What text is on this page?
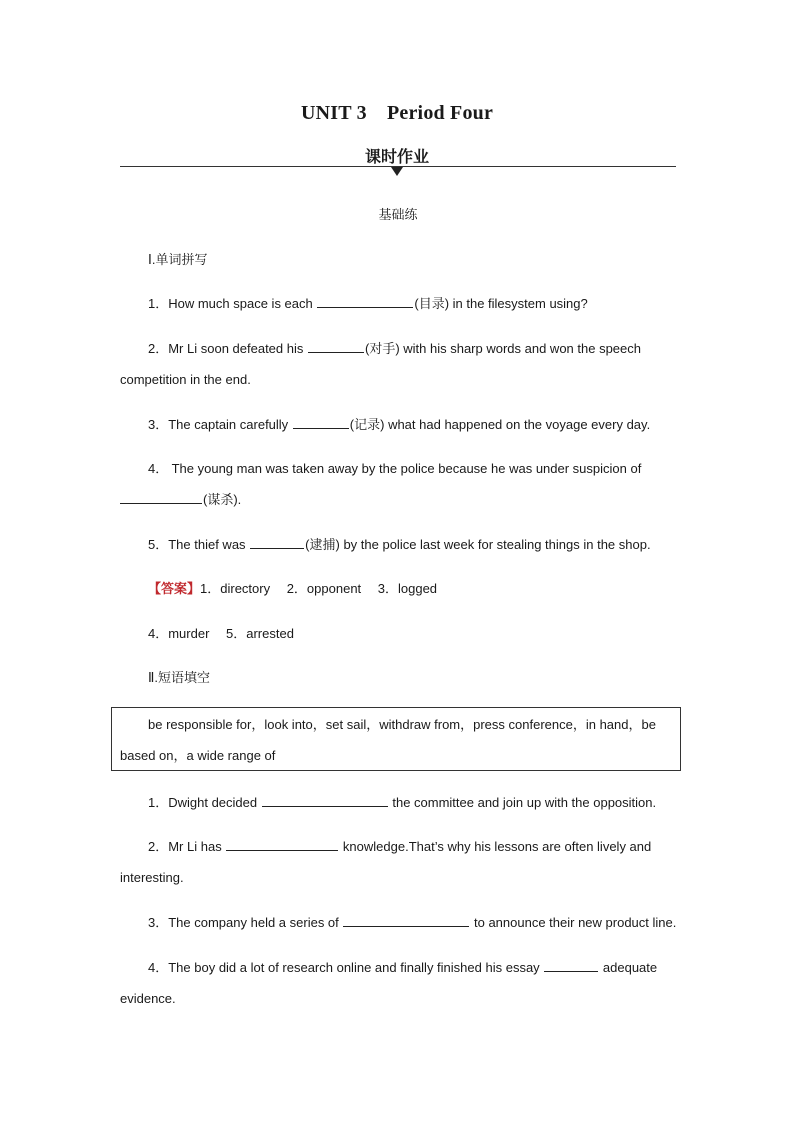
UNIT 3　Period Four
课时作业
基础练
Ⅰ.单词拼写
1．How much space is each	(目录) in the filesystem using?
2．Mr Li soon defeated his	(对手) with his sharp words and won the speech
competition in the end.
3．The captain carefully	(记录) what had happened on the voyage every day.
4． The young man was taken away by the police because he was under suspicion of
(谋杀).
5．The thief was	(逮捕) by the police last week for stealing things in the shop.
【答案】1．directory　 2．opponent　 3．logged
4．murder　 5．arrested
Ⅱ.短语填空
be responsible for，look into，set sail，withdraw from，press conference，in hand，be
based on，a wide range of
1．Dwight decided	the committee and join up with the opposition.
2．Mr Li has	knowledge.That’s why his lessons are often lively and
interesting.
3．The company held a series of	to announce their new product line.
4．The boy did a lot of research online and finally finished his essay	adequate
evidence.
